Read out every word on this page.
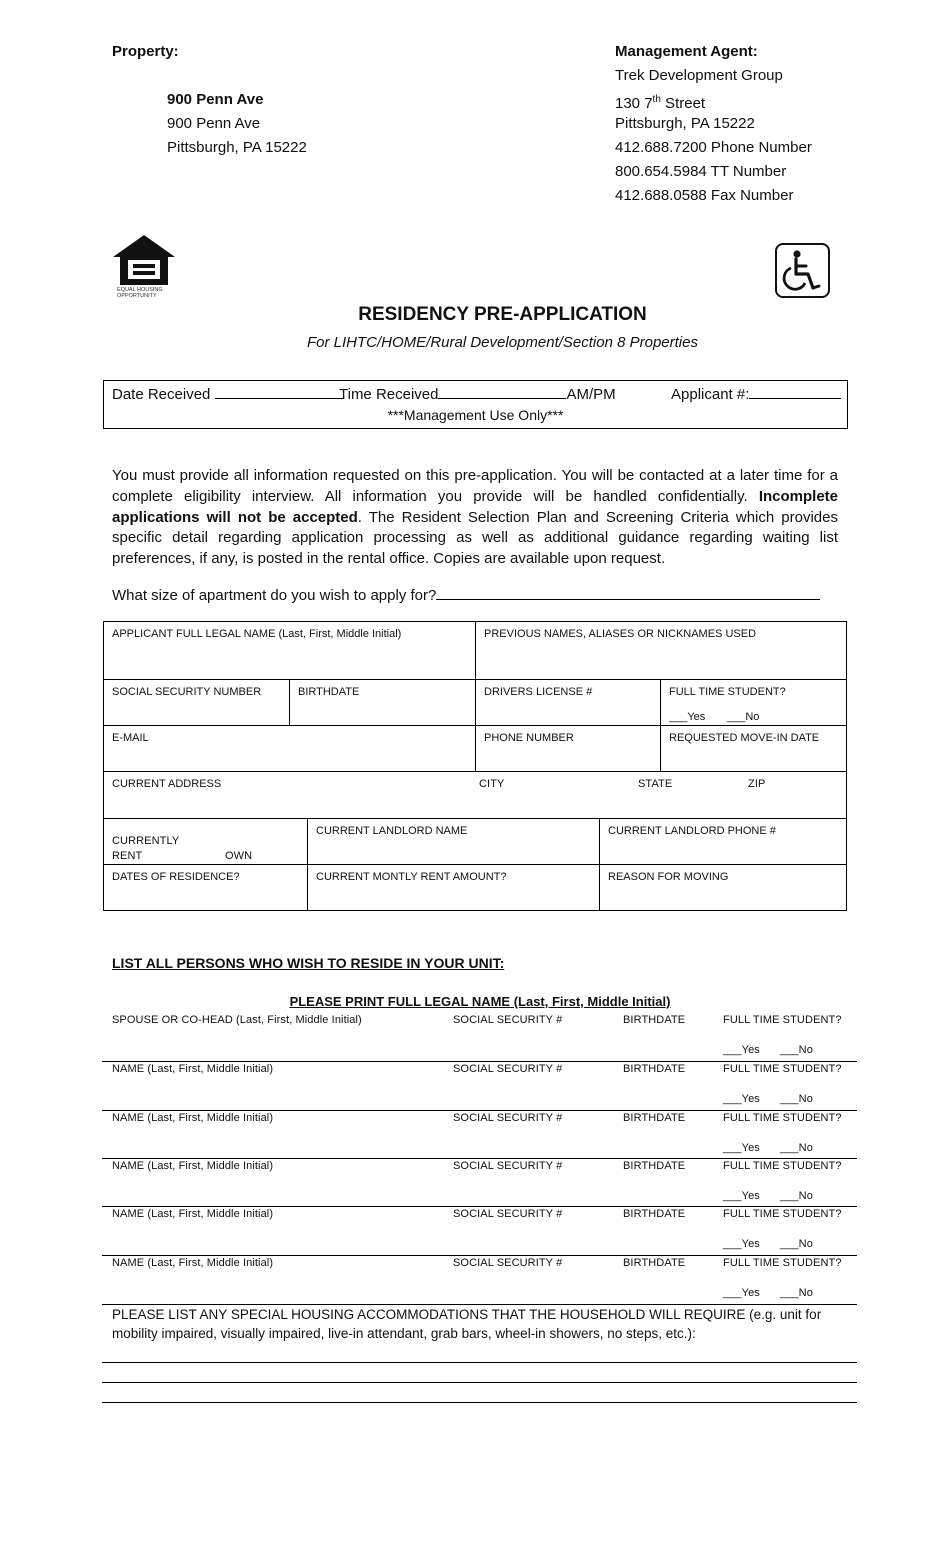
Property:
900 Penn Ave
900 Penn Ave
Pittsburgh, PA 15222
Management Agent:
Trek Development Group
130 7th Street
Pittsburgh, PA 15222
412.688.7200 Phone Number
800.654.5984 TT Number
412.688.0588 Fax Number
EQUAL HOUSING
OPPORTUNITY
RESIDENCY PRE-APPLICATION
For LIHTC/HOME/Rural Development/Section 8 Properties
Date Received	Time Received	AM/PM	Applicant #:
***Management Use Only***
You must provide all information requested on this pre-application. You will be contacted at a later time for a complete eligibility interview. All information you provide will be handled confidentially. Incomplete applications will not be accepted. The Resident Selection Plan and Screening Criteria which provides specific detail regarding application processing as well as additional guidance regarding waiting list preferences, if any, is posted in the rental office. Copies are available upon request.
What size of apartment do you wish to apply for?
APPLICANT FULL LEGAL NAME (Last, First, Middle Initial)	PREVIOUS NAMES, ALIASES OR NICKNAMES USED
SOCIAL SECURITY NUMBER	BIRTHDATE	DRIVERS LICENSE #	FULL TIME STUDENT?
___Yes ___No
E-MAIL	PHONE NUMBER	REQUESTED MOVE-IN DATE
CURRENT ADDRESS	CITY	STATE	ZIP
CURRENTLY
RENT	OWN
CURRENT LANDLORD NAME	CURRENT LANDLORD PHONE #
DATES OF RESIDENCE?	CURRENT MONTLY RENT AMOUNT?	REASON FOR MOVING
LIST ALL PERSONS WHO WISH TO RESIDE IN YOUR UNIT:
PLEASE PRINT FULL LEGAL NAME (Last, First, Middle Initial)
SPOUSE OR CO-HEAD (Last, First, Middle Initial)	SOCIAL SECURITY #	BIRTHDATE	FULL TIME STUDENT?
___Yes ___No
NAME (Last, First, Middle Initial)	SOCIAL SECURITY #	BIRTHDATE	FULL TIME STUDENT?
___Yes ___No
NAME (Last, First, Middle Initial)	SOCIAL SECURITY #	BIRTHDATE	FULL TIME STUDENT?
___Yes ___No
NAME (Last, First, Middle Initial)	SOCIAL SECURITY #	BIRTHDATE	FULL TIME STUDENT?
___Yes ___No
NAME (Last, First, Middle Initial)	SOCIAL SECURITY #	BIRTHDATE	FULL TIME STUDENT?
___Yes ___No
NAME (Last, First, Middle Initial)	SOCIAL SECURITY #	BIRTHDATE	FULL TIME STUDENT?
___Yes ___No
PLEASE LIST ANY SPECIAL HOUSING ACCOMMODATIONS THAT THE HOUSEHOLD WILL REQUIRE (e.g. unit for mobility impaired, visually impaired, live-in attendant, grab bars, wheel-in showers, no steps, etc.):
